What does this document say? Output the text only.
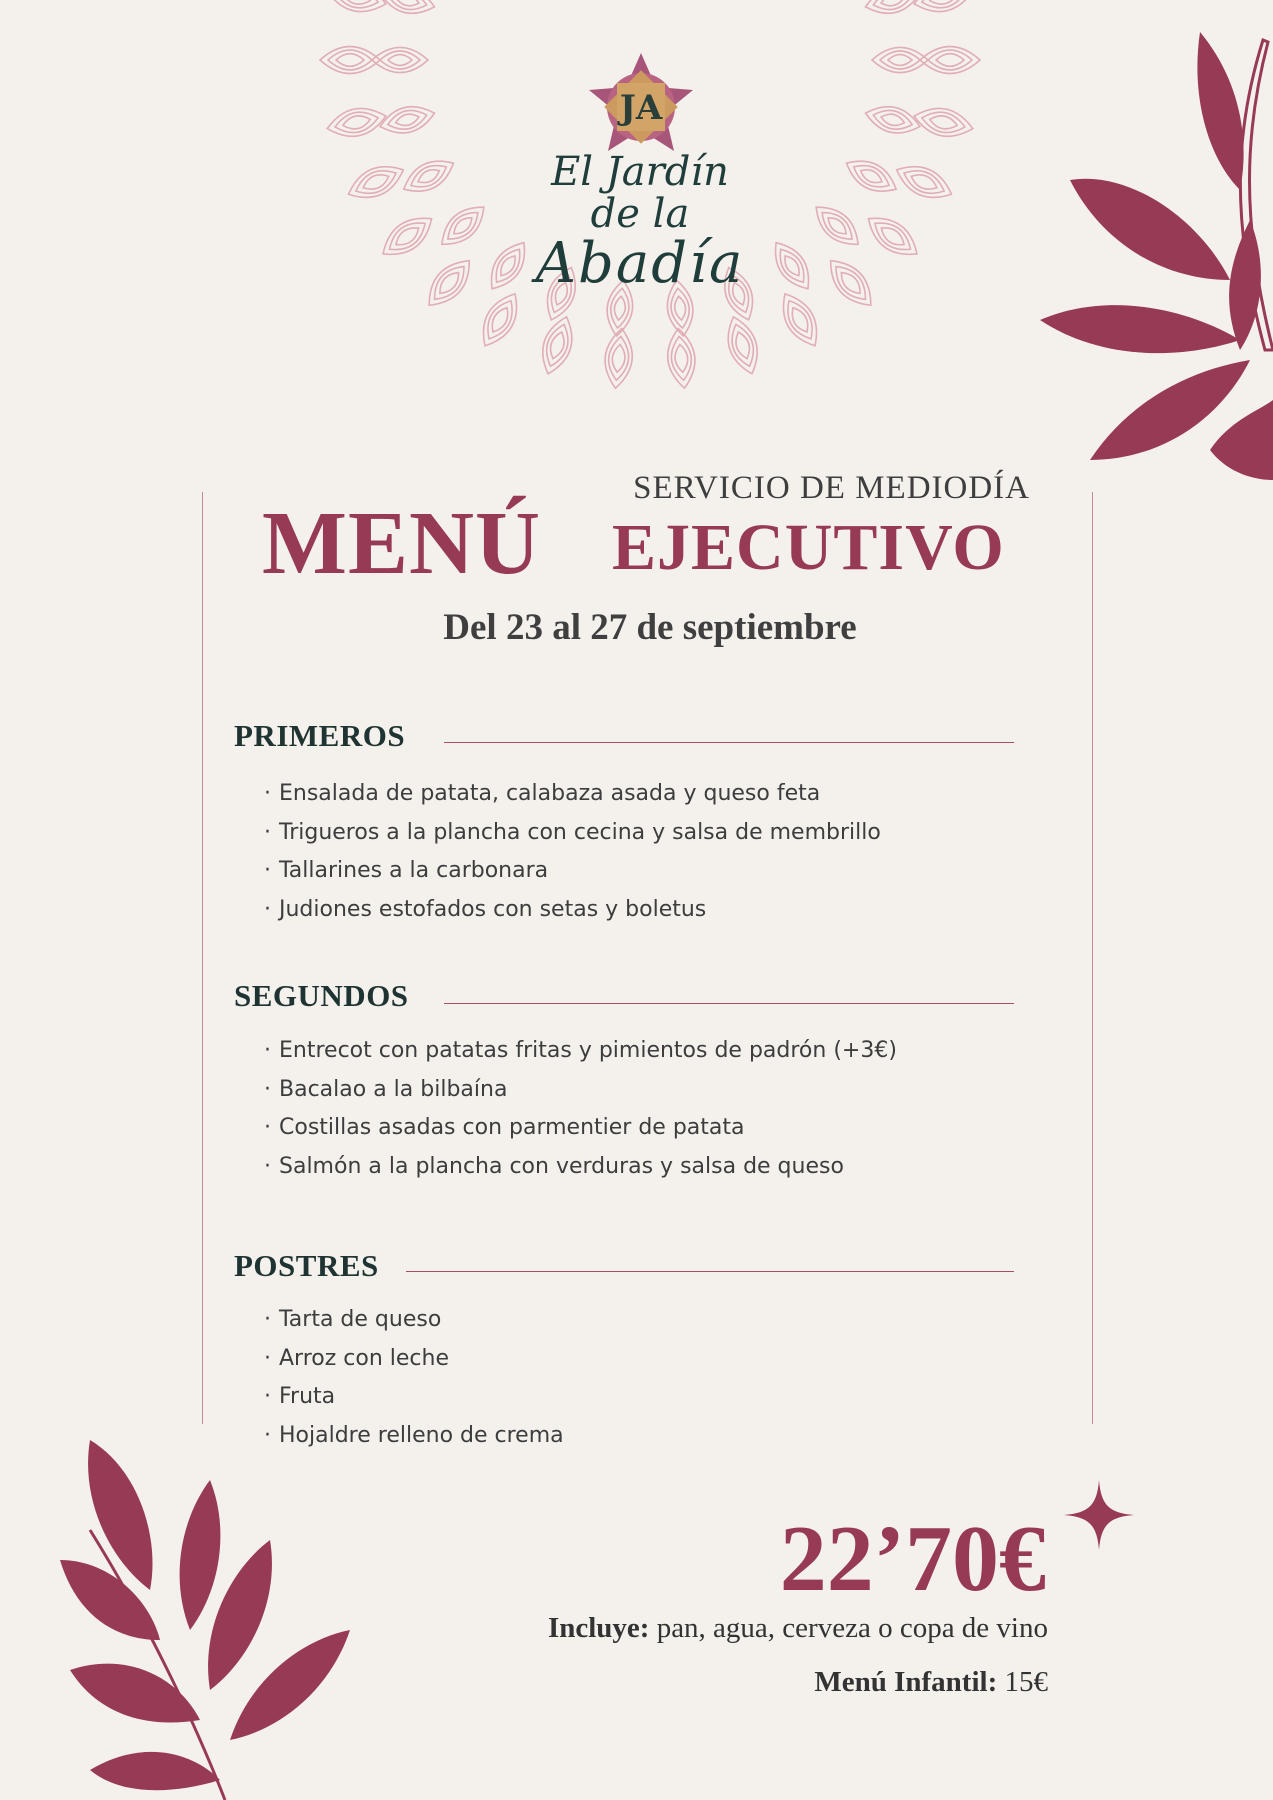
JA
El Jardín
de la
Abadía
SERVICIO DE MEDIODÍA
MENÚ EJECUTIVO
Del 23 al 27 de septiembre
PRIMEROS
· Ensalada de patata, calabaza asada y queso feta
· Trigueros a la plancha con cecina y salsa de membrillo
· Tallarines a la carbonara
· Judiones estofados con setas y boletus
SEGUNDOS
· Entrecot con patatas fritas y pimientos de padrón (+3€)
· Bacalao a la bilbaína
· Costillas asadas con parmentier de patata
· Salmón a la plancha con verduras y salsa de queso
POSTRES
· Tarta de queso
· Arroz con leche
· Fruta
· Hojaldre relleno de crema
22’70€
Incluye: pan, agua, cerveza o copa de vino
Menú Infantil: 15€
